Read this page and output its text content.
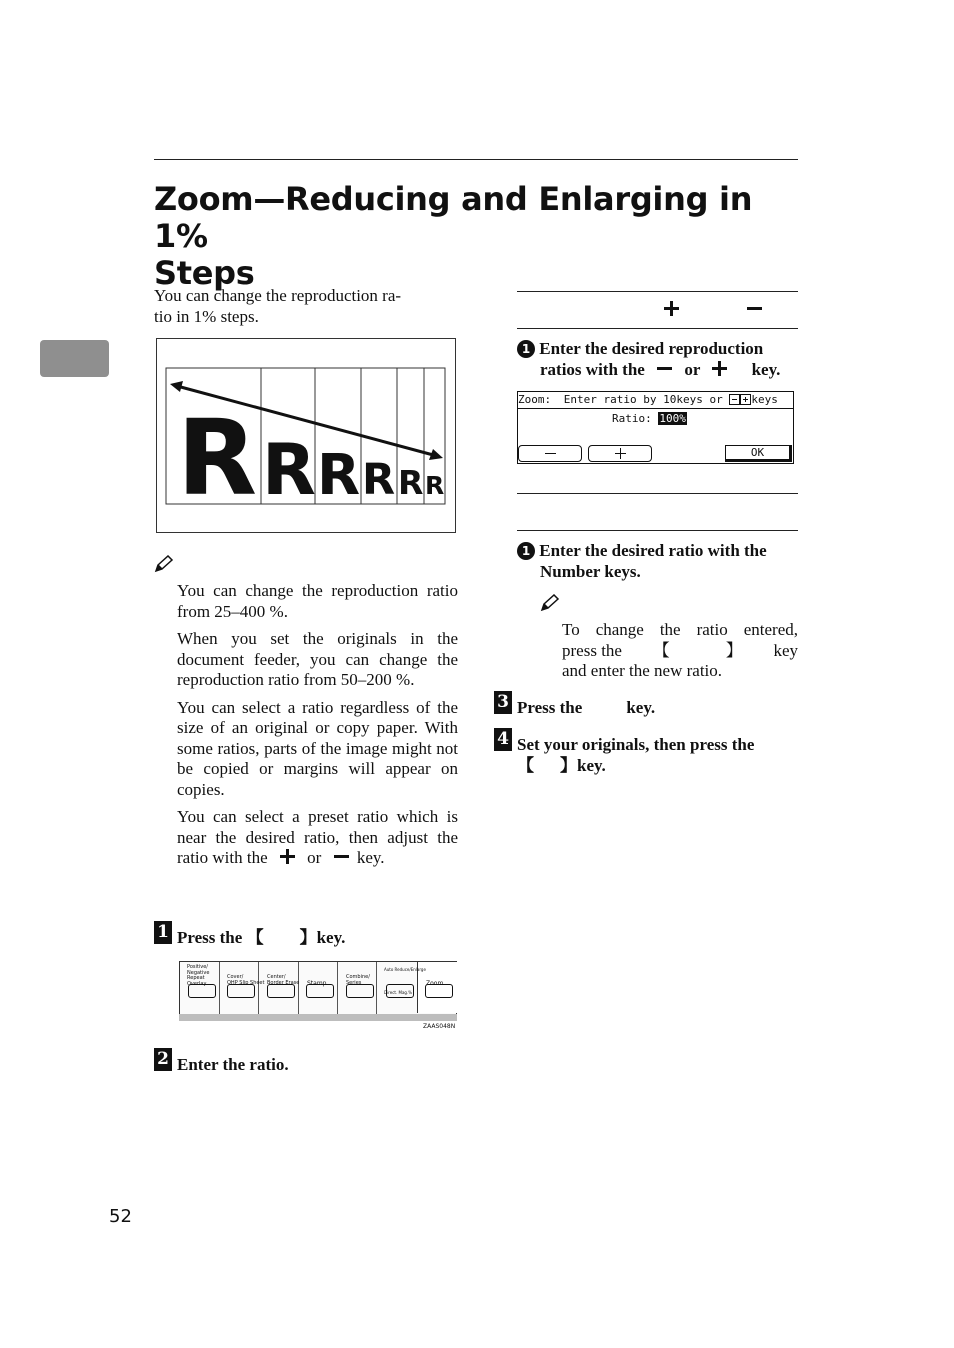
Zoom—Reducing and Enlarging in 1%
Steps
You can change the reproduction ra-
tio in 1% steps.
R R R R R R
You can change the reproduction ratio from 25–400 %.
When you set the originals in the document feeder, you can change the reproduction ratio from 50–200 %.
You can select a ratio regardless of the size of an original or copy paper. With some ratios, parts of the image might not be copied or margins will appear on copies.
You can select a preset ratio which is near the desired ratio, then adjust the ratio with the or key.
1 Press the 【 】key.
Positive/
Negative
Repeat
Overlay
Cover/
OHP Slip Sheet
Center/
Border Erase Stamp
Combine/
Series
Auto Reduce/Enlarge
Direct. Mag.%
Zoom
ZAAS048N
2 Enter the ratio.

1 Enter the desired reproduction
ratios with the or	key.
Zoom: Enter ratio by 10keys or	keys
Ratio: 100%
OK
1 Enter the desired ratio with the
Number keys.
To change the ratio entered,
press the 【	】 key
and enter the new ratio.
3 Press the	key.
4 Set your originals, then press the
【 】key.
52
